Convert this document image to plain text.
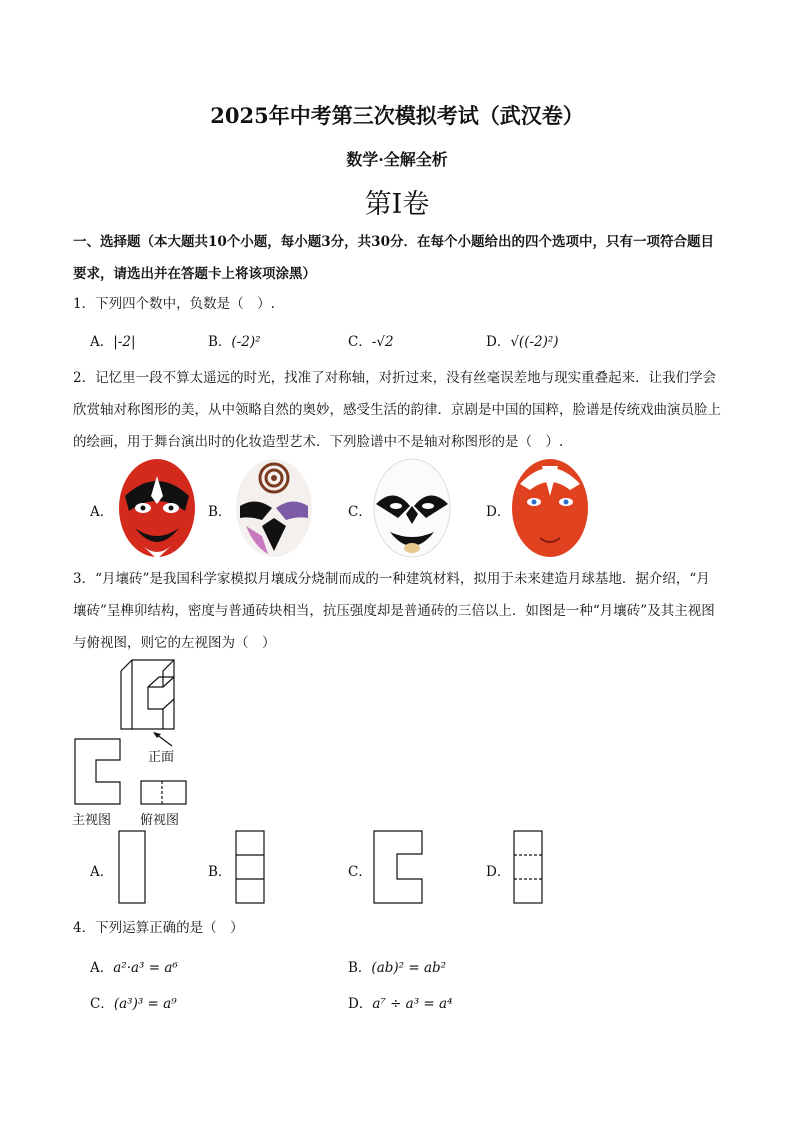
2025年中考第三次模拟考试（武汉卷）
数学·全解全析
第Ⅰ卷
一、选择题（本大题共10个小题，每小题3分，共30分．在每个小题给出的四个选项中，只有一项符合题目要求，请选出并在答题卡上将该项涂黑）
1．下列四个数中，负数是（　）.
A．|-2|	B．(-2)²	C．-√2	D．√((-2)²)
2．记忆里一段不算太遥远的时光，找准了对称轴，对折过来，没有丝毫误差地与现实重叠起来．让我们学会欣赏轴对称图形的美，从中领略自然的奥妙，感受生活的韵律．京剧是中国的国粹，脸谱是传统戏曲演员脸上的绘画，用于舞台演出时的化妆造型艺术．下列脸谱中不是轴对称图形的是（　）.
A．	B．	C．	D．
3．“月壤砖”是我国科学家模拟月壤成分烧制而成的一种建筑材料，拟用于未来建造月球基地．据介绍，“月壤砖”呈榫卯结构，密度与普通砖块相当，抗压强度却是普通砖的三倍以上．如图是一种“月壤砖”及其主视图与俯视图，则它的左视图为（　）
正面
主视图 俯视图
A．	B．	C．	D．
4．下列运算正确的是（　）
A．a²·a³ = a⁶	B．(ab)² = ab²
C．(a³)³ = a⁹	D．a⁷ ÷ a³ = a⁴
